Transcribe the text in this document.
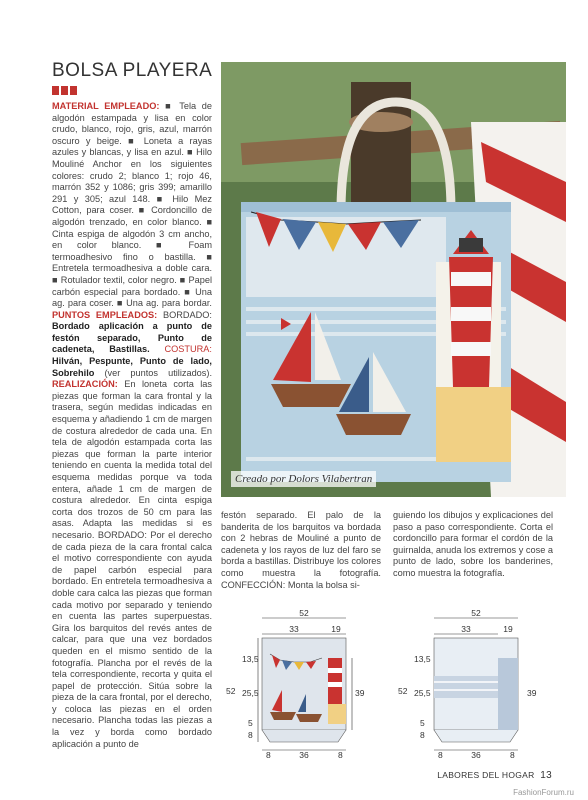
BOLSA PLAYERA
MATERIAL EMPLEADO: ■ Tela de algodón estampada y lisa en color crudo, blanco, rojo, gris, azul, marrón oscuro y beige. ■ Loneta a rayas azules y blancas, y lisa en azul. ■ Hilo Mouliné Anchor en los siguientes colores: crudo 2; blanco 1; rojo 46, marrón 352 y 1086; gris 399; amarillo 291 y 305; azul 148. ■ Hilo Mez Cotton, para coser. ■ Cordoncillo de algodón trenzado, en color blanco. ■ Cinta espiga de algodón 3 cm ancho, en color blanco. ■ Foam termoadhesivo fino o bastilla. ■ Entretela termoadhesiva a doble cara. ■ Rotulador textil, color negro. ■ Papel carbón especial para bordado. ■ Una ag. para coser. ■ Una ag. para bordar. PUNTOS EMPLEADOS: BORDADO: Bordado aplicación a punto de festón separado, Punto de cadeneta, Bastillas. COSTURA: Hilván, Pespunte, Punto de lado, Sobrehilo (ver puntos utilizados). REALIZACIÓN: En loneta corta las piezas que forman la cara frontal y la trasera, según medidas indicadas en esquema y añadiendo 1 cm de margen de costura alrededor de cada una. En tela de algodón estampada corta las piezas que forman la parte interior teniendo en cuenta la medida total del esquema medidas porque va toda entera, añade 1 cm de margen de costura alrededor. En cinta espiga corta dos trozos de 50 cm para las asas. Adapta las medidas si es necesario. BORDADO: Por el derecho de cada pieza de la cara frontal calca el motivo correspondiente con ayuda de papel carbón especial para bordado. En entretela termoadhesiva a doble cara calca las piezas que forman cada motivo por separado y teniendo en cuenta las partes superpuestas. Gira los barquitos del revés antes de calcar, para que una vez bordados queden en el mismo sentido de la fotografía. Plancha por el revés de la tela correspondiente, recorta y quita el papel de protección. Sitúa sobre la pieza de la cara frontal, por el derecho, y coloca las piezas en el orden necesario. Plancha todas las piezas a la vez y borda como bordado aplicación a punto de
Creado por Dolors Vilabertran
festón separado. El palo de la banderita de los barquitos va bordada con 2 hebras de Mouliné a punto de cadeneta y los rayos de luz del faro se borda a bastillas. Distribuye los colores como muestra la fotografía. CONFECCIÓN: Monta la bolsa si-
guiendo los dibujos y explicaciones del paso a paso correspondiente. Corta el cordoncillo para formar el cordón de la guirnalda, anuda los extremos y cose a punto de lado, sobre los banderines, como muestra la fotografía.
52
33	19
13,5
52 25,5
5
8
39
8	36	8
52
33	19
13,5
52 25,5
5
8
39
8	36	8
LABORES DEL HOGAR 13
FashionForum.ru
